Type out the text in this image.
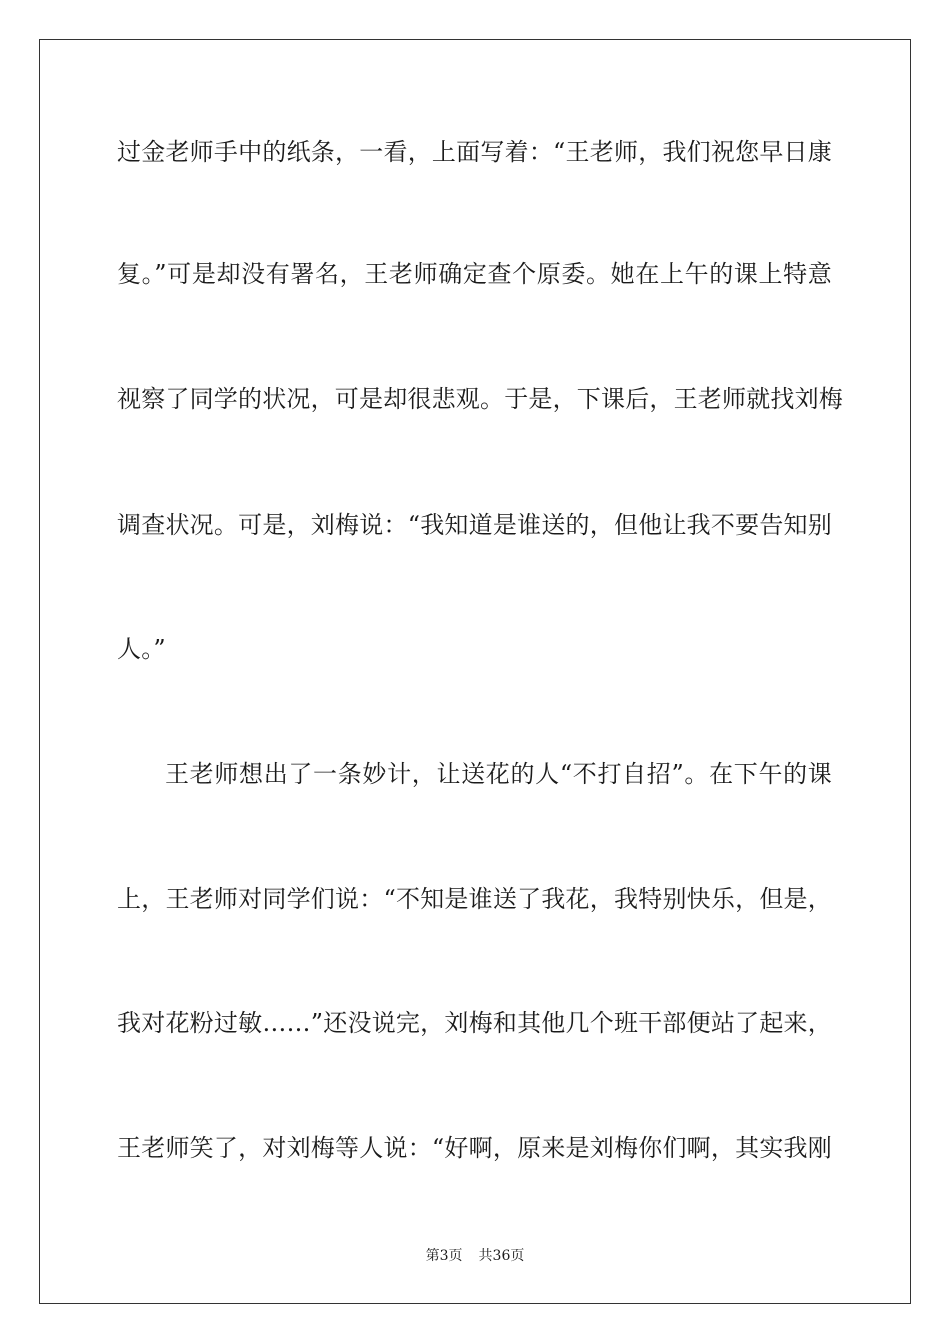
过金老师手中的纸条，一看，上面写着：“王老师，我们祝您早日康
复。”可是却没有署名，王老师确定查个原委。她在上午的课上特意
视察了同学的状况，可是却很悲观。于是，下课后，王老师就找刘梅
调查状况。可是，刘梅说：“我知道是谁送的，但他让我不要告知别
人。”
王老师想出了一条妙计，让送花的人“不打自招”。在下午的课
上，王老师对同学们说：“不知是谁送了我花，我特别快乐，但是，
我对花粉过敏……”还没说完，刘梅和其他几个班干部便站了起来，
王老师笑了，对刘梅等人说：“好啊，原来是刘梅你们啊，其实我刚
第3页 共36页
